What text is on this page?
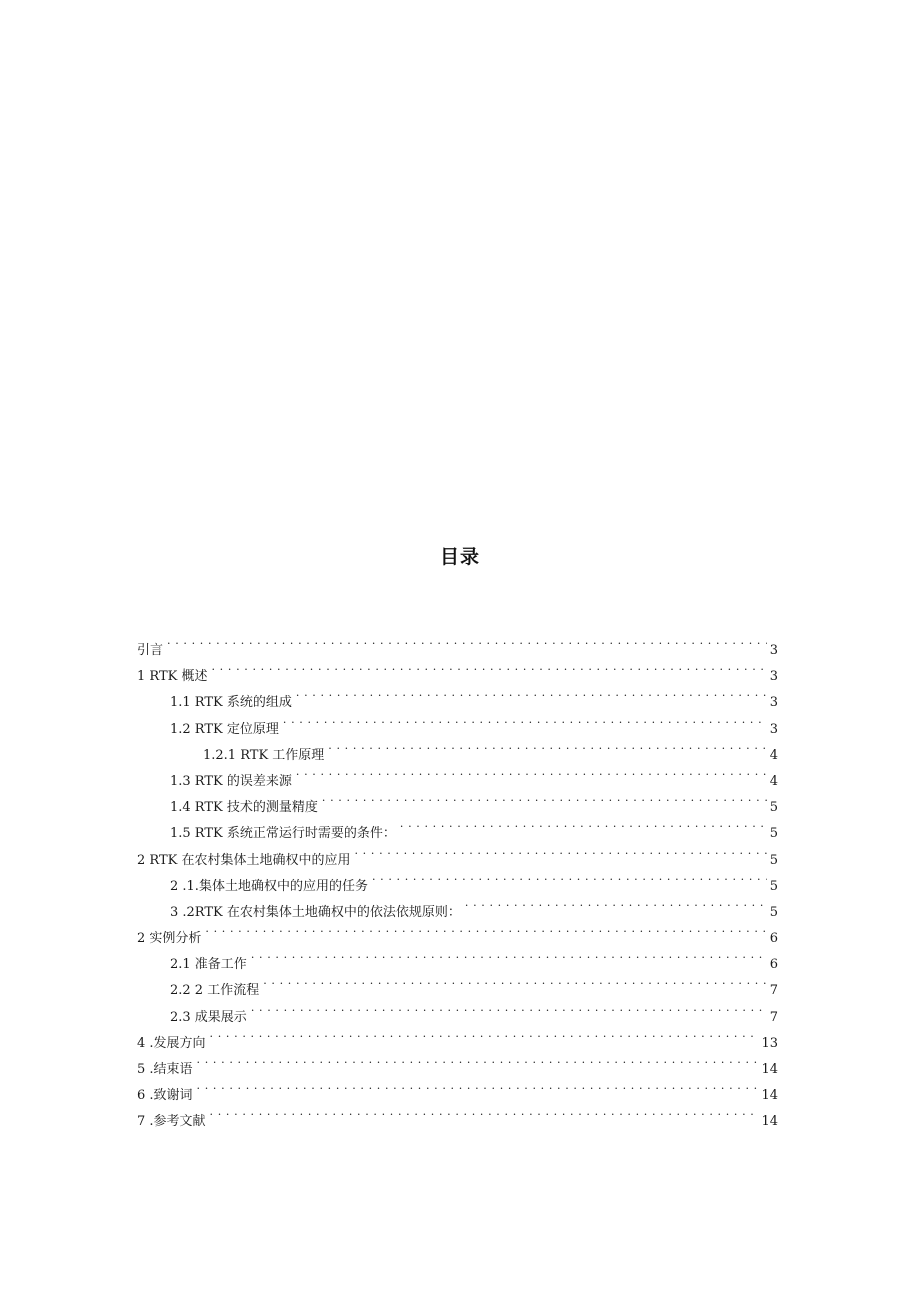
目录
引言 . . .	3
1 RTK 概述 . . .	3
1.1 RTK 系统的组成 . . .	3
1.2 RTK 定位原理 . . .	3
1.2.1 RTK 工作原理 . . .	4
1.3 RTK 的误差来源 . . .	4
1.4 RTK 技术的测量精度 . . .	5
1.5 RTK 系统正常运行时需要的条件： . . .	5
2 RTK 在农村集体土地确权中的应用 . . .	5
2 .1.集体土地确权中的应用的任务 . . .	5
3 .2RTK 在农村集体土地确权中的依法依规原则： . . .	5
2 实例分析 . . .	6
2.1 准备工作 . . .	6
2.2 2 工作流程 . . .	7
2.3 成果展示 . . .	7
4 .发展方向 . . .	13
5 .结束语 . . .	14
6 .致谢词 . . .	14
7 .参考文献 . . .	14
